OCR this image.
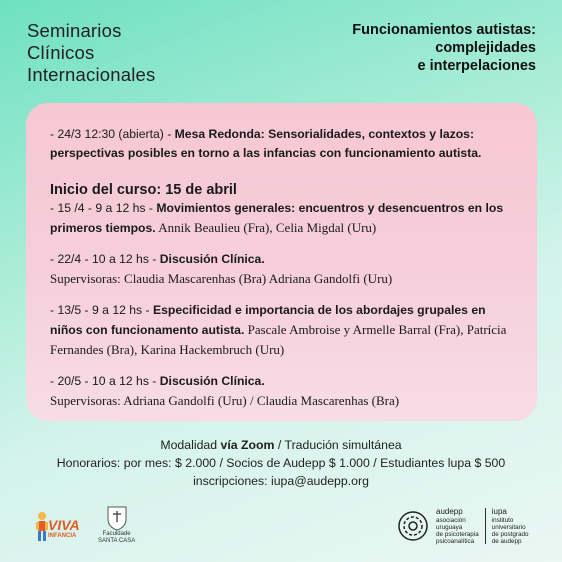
Seminarios
Clínicos
Internacionales
Funcionamientos autistas:
complejidades
e interpelaciones

- 24/3 12:30 (abierta) - Mesa Redonda: Sensorialidades, contextos y lazos: perspectivas posibles en torno a las infancias con funcionamiento autista.

Inicio del curso: 15 de abril

- 15 /4 - 9 a 12 hs - Movimientos generales: encuentros y desencuentros en los primeros tiempos. Annik Beaulieu (Fra), Celia Migdal (Uru)

- 22/4 - 10 a 12 hs - Discusión Clínica.
Supervisoras: Claudia Mascarenhas (Bra) Adriana Gandolfi (Uru)

- 13/5 - 9 a 12 hs - Especificidad e importancia de los abordajes grupales en niños con funcionamento autista. Pascale Ambroise y Armelle Barral (Fra), Patrícia Fernandes (Bra), Karina Hackembruch (Uru)

- 20/5 - 10 a 12 hs - Discusión Clínica.
Supervisoras: Adriana Gandolfi (Uru) / Claudia Mascarenhas (Bra)

Modalidad vía Zoom / Tradución simultánea
Honorarios: por mes: $ 2.000 / Socios de Audepp $ 1.000 / Estudiantes lupa $ 500
inscripciones: iupa@audepp.org
VIVA
INFANCIA	Faculdade
SANTA CASA
audepp
asociación
uruguaya
de psicoterapia
psicoanalítica
iupa
instituto
universitario
de postgrado
de audepp
